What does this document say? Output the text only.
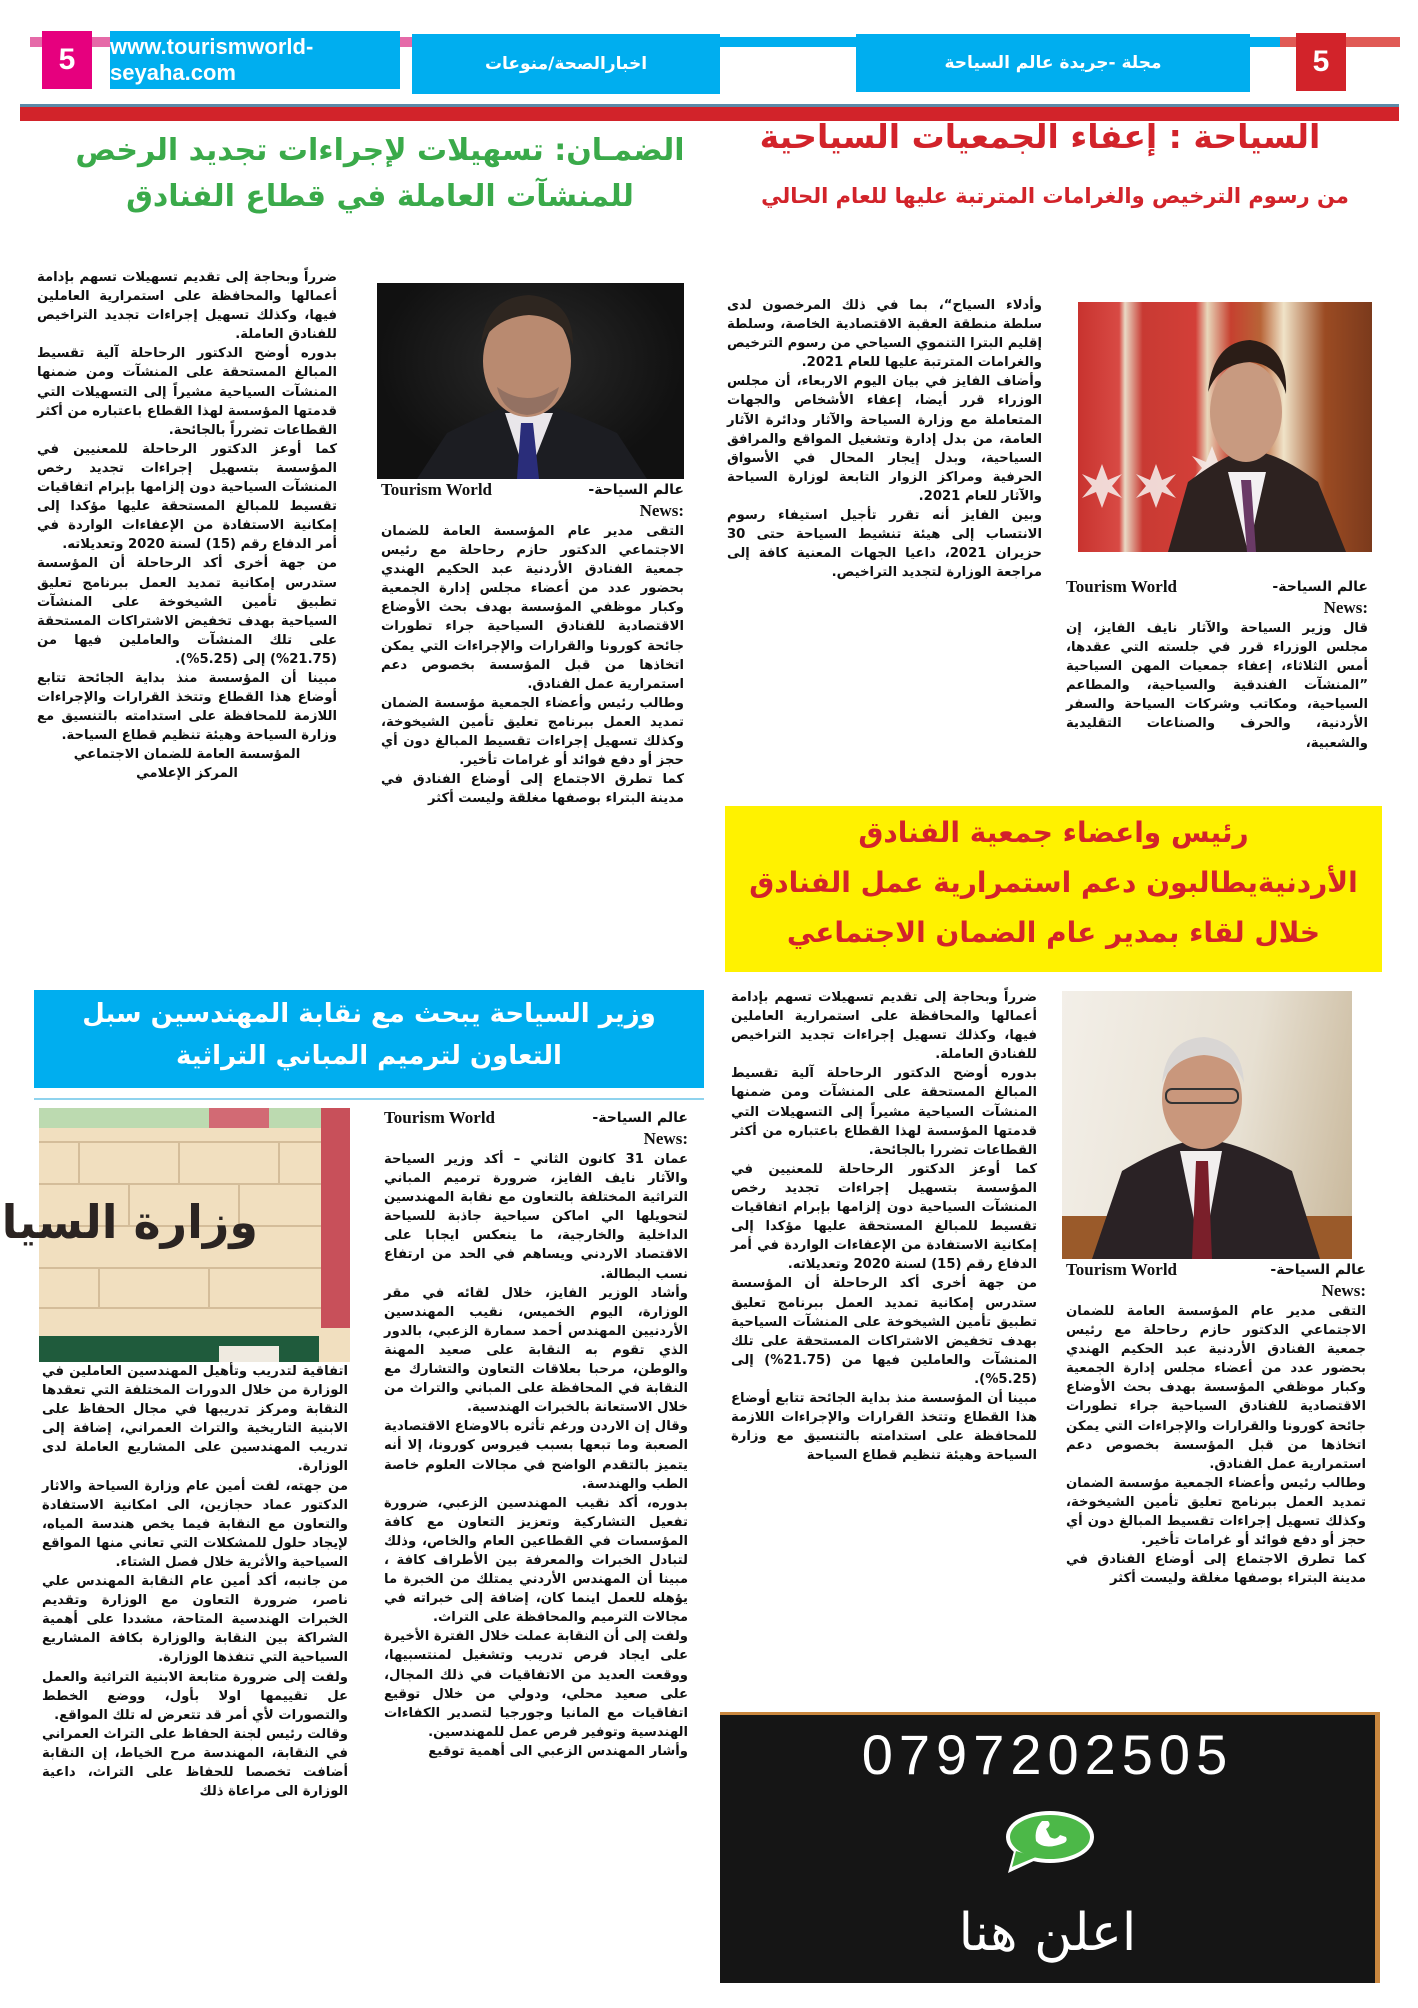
5 www.tourismworld-seyaha.com	اخبارالصحة/منوعات	مجلة -جريدة عالم السياحة	5
السياحة : إعفاء الجمعيات السياحية
من رسوم الترخيص والغرامات المترتبة عليها للعام الحالي
عالم السياحة-
Tourism World
:News

قال وزير السياحة والآثار نايف الفايز، إن مجلس الوزراء قرر في جلسته التي عقدها، أمس الثلاثاء، إعفاء جمعيات المهن السياحية ”المنشآت الفندقية والسياحية، والمطاعم السياحية، ومكاتب وشركات السياحة والسفر الأردنية، والحرف والصناعات التقليدية والشعبية،

وأدلاء السياح“، بما في ذلك المرخصون لدى سلطة منطقة العقبة الاقتصادية الخاصة، وسلطة إقليم البترا التنموي السياحي من رسوم الترخيص والغرامات المترتبة عليها للعام 2021.

وأضاف الفايز في بيان اليوم الاربعاء، أن مجلس الوزراء قرر أيضا، إعفاء الأشخاص والجهات المتعاملة مع وزارة السياحة والآثار ودائرة الآثار العامة، من بدل إدارة وتشغيل المواقع والمرافق السياحية، وبدل إيجار المحال في الأسواق الحرفية ومراكز الزوار التابعة لوزارة السياحة والآثار للعام 2021.

وبين الفايز أنه تقرر تأجيل استيفاء رسوم الانتساب إلى هيئة تنشيط السياحة حتى 30 حزيران 2021، داعيا الجهات المعنية كافة إلى مراجعة الوزارة لتجديد التراخيص.

الضمـان: تسهيلات لإجراءات تجديد الرخص للمنشآت العاملة في قطاع الفنادق
عالم السياحة-
Tourism World
:News

التقى مدير عام المؤسسة العامة للضمان الاجتماعي الدكتور حازم رحاحلة مع رئيس جمعية الفنادق الأردنية عبد الحكيم الهندي بحضور عدد من أعضاء مجلس إدارة الجمعية وكبار موظفي المؤسسة بهدف بحث الأوضاع الاقتصادية للفنادق السياحية جراء تطورات جائحة كورونا والقرارات والإجراءات التي يمكن اتخاذها من قبل المؤسسة بخصوص دعم استمرارية عمل الفنادق.

وطالب رئيس وأعضاء الجمعية مؤسسة الضمان تمديد العمل ببرنامج تعليق تأمين الشيخوخة، وكذلك تسهيل إجراءات تقسيط المبالغ دون أي حجز أو دفع فوائد أو غرامات تأخير.

كما تطرق الاجتماع إلى أوضاع الفنادق في مدينة البتراء بوصفها مغلقة وليست أكثر

ضرراً وبحاجة إلى تقديم تسهيلات تسهم بإدامة أعمالها والمحافظة على استمرارية العاملين فيها، وكذلك تسهيل إجراءات تجديد التراخيص للفنادق العاملة.

بدوره أوضح الدكتور الرحاحلة آلية تقسيط المبالغ المستحقة على المنشآت ومن ضمنها المنشآت السياحية مشيراً إلى التسهيلات التي قدمتها المؤسسة لهذا القطاع باعتباره من أكثر القطاعات تضرراً بالجائحة.

كما أوعز الدكتور الرحاحلة للمعنيين في المؤسسة بتسهيل إجراءات تجديد رخص المنشآت السياحية دون إلزامها بإبرام اتفاقيات تقسيط للمبالغ المستحقة عليها مؤكدا إلى إمكانية الاستفادة من الإعفاءات الواردة في أمر الدفاع رقم (15) لسنة 2020 وتعديلاته.

من جهة أخرى أكد الرحاحلة أن المؤسسة ستدرس إمكانية تمديد العمل ببرنامج تعليق تطبيق تأمين الشيخوخة على المنشآت السياحية بهدف تخفيض الاشتراكات المستحقة على تلك المنشآت والعاملين فيها من (21.75%) إلى (5.25%).

مبينا أن المؤسسة منذ بداية الجائحة تتابع أوضاع هذا القطاع وتتخذ القرارات والإجراءات اللازمة للمحافظة على استدامته بالتنسيق مع وزارة السياحة وهيئة تنظيم قطاع السياحة.

المؤسسة العامة للضمان الاجتماعي

المركز الإعلامي

رئيس واعضاء جمعية الفنادق
الأردنيةيطالبون دعم استمرارية عمل الفنادق
خلال لقاء بمدير عام الضمان الاجتماعي
عالم السياحة-
Tourism World
:News

التقى مدير عام المؤسسة العامة للضمان الاجتماعي الدكتور حازم رحاحلة مع رئيس جمعية الفنادق الأردنية عبد الحكيم الهندي بحضور عدد من أعضاء مجلس إدارة الجمعية وكبار موظفي المؤسسة بهدف بحث الأوضاع الاقتصادية للفنادق السياحية جراء تطورات جائحة كورونا والقرارات والإجراءات التي يمكن اتخاذها من قبل المؤسسة بخصوص دعم استمرارية عمل الفنادق.

وطالب رئيس وأعضاء الجمعية مؤسسة الضمان تمديد العمل ببرنامج تعليق تأمين الشيخوخة، وكذلك تسهيل إجراءات تقسيط المبالغ دون أي حجز أو دفع فوائد أو غرامات تأخير.

كما تطرق الاجتماع إلى أوضاع الفنادق في مدينة البتراء بوصفها مغلقة وليست أكثر

ضرراً وبحاجة إلى تقديم تسهيلات تسهم بإدامة أعمالها والمحافظة على استمرارية العاملين فيها، وكذلك تسهيل إجراءات تجديد التراخيص للفنادق العاملة.

بدوره أوضح الدكتور الرحاحلة آلية تقسيط المبالغ المستحقة على المنشآت ومن ضمنها المنشآت السياحية مشيراً إلى التسهيلات التي قدمتها المؤسسة لهذا القطاع باعتباره من أكثر القطاعات تضررا بالجائحة.

كما أوعز الدكتور الرحاحلة للمعنيين في المؤسسة بتسهيل إجراءات تجديد رخص المنشآت السياحية دون إلزامها بإبرام اتفاقيات تقسيط للمبالغ المستحقة عليها مؤكدا إلى إمكانية الاستفادة من الإعفاءات الواردة في أمر الدفاع رقم (15) لسنة 2020 وتعديلاته.

من جهة أخرى أكد الرحاحلة أن المؤسسة ستدرس إمكانية تمديد العمل ببرنامج تعليق تطبيق تأمين الشيخوخة على المنشآت السياحية بهدف تخفيض الاشتراكات المستحقة على تلك المنشآت والعاملين فيها من (21.75%) إلى (5.25%).

مبينا أن المؤسسة منذ بداية الجائحة تتابع أوضاع هذا القطاع وتتخذ القرارات والإجراءات اللازمة للمحافظة على استدامته بالتنسيق مع وزارة السياحة وهيئة تنظيم قطاع السياحة

0797202505
اعلن هنا
وزير السياحة يبحث مع نقابة المهندسين سبل
التعاون لترميم المباني التراثية
وزارة السيا
عالم السياحة-
Tourism World
:News

عمان 31 كانون الثاني – أكد وزير السياحة والآثار نايف الفايز، ضرورة ترميم المباني التراثية المختلفة بالتعاون مع نقابة المهندسين لتحويلها الي اماكن سياحية جاذبة للسياحة الداخلية والخارجية، ما ينعكس ايجابا على الاقتصاد الاردني ويساهم في الحد من ارتفاع نسب البطالة.

وأشاد الوزير الفايز، خلال لقائه في مقر الوزارة، اليوم الخميس، نقيب المهندسين الأردنيين المهندس أحمد سمارة الزعبي، بالدور الذي تقوم به النقابة على صعيد المهنة والوطن، مرحبا بعلاقات التعاون والتشارك مع النقابة في المحافظة على المباني والتراث من خلال الاستعانة بالخبرات الهندسية.

وقال إن الاردن ورغم تأثره بالاوضاع الاقتصادية الصعبة وما تبعها بسبب فيروس كورونا، إلا أنه يتميز بالتقدم الواضح في مجالات العلوم خاصة الطب والهندسة.

بدوره، أكد نقيب المهندسين الزعبي، ضرورة تفعيل التشاركية وتعزيز التعاون مع كافة المؤسسات في القطاعين العام والخاص، وذلك لتبادل الخبرات والمعرفة بين الأطراف كافة ، مبينا أن المهندس الأردني يمتلك من الخبرة ما يؤهله للعمل اينما كان، إضافة إلى خبراته في مجالات الترميم والمحافظة على التراث.

ولفت إلى أن النقابة عملت خلال الفترة الأخيرة على ايجاد فرص تدريب وتشغيل لمنتسبيها، ووقعت العديد من الاتفاقيات في ذلك المجال، على صعيد محلي، ودولي من خلال توقيع اتفاقيات مع المانيا وجورجيا لتصدير الكفاءات الهندسية وتوفير فرص عمل للمهندسين.

وأشار المهندس الزعبي الى أهمية توقيع

اتفاقية لتدريب وتأهيل المهندسين العاملين في الوزارة من خلال الدورات المختلفة التي تعقدها النقابة ومركز تدريبها في مجال الحفاظ على الابنية التاريخية والتراث العمراني، إضافة إلى تدريب المهندسين على المشاريع العاملة لدى الوزارة.

من جهته، لفت أمين عام وزارة السياحة والاثار الدكتور عماد حجازين، الى امكانية الاستفادة والتعاون مع النقابة فيما يخص هندسة المياه، لإيجاد حلول للمشكلات التي تعاني منها المواقع السياحية والأثرية خلال فصل الشتاء.

من جانبه، أكد أمين عام النقابة المهندس علي ناصر، ضرورة التعاون مع الوزارة وتقديم الخبرات الهندسية المتاحة، مشددا على أهمية الشراكة بين النقابة والوزارة بكافة المشاريع السياحية التي تنفذها الوزارة.

ولفت إلى ضرورة متابعة الابنية التراثية والعمل عل تقييمها اولا بأول، ووضع الخطط والتصورات لأي أمر قد تتعرض له تلك المواقع.

وقالت رئيس لجنة الحفاظ على التراث العمراني في النقابة، المهندسة مرح الخياط، إن النقابة أضافت تخصصا للحفاظ على التراث، داعية الوزارة الى مراعاة ذلك
